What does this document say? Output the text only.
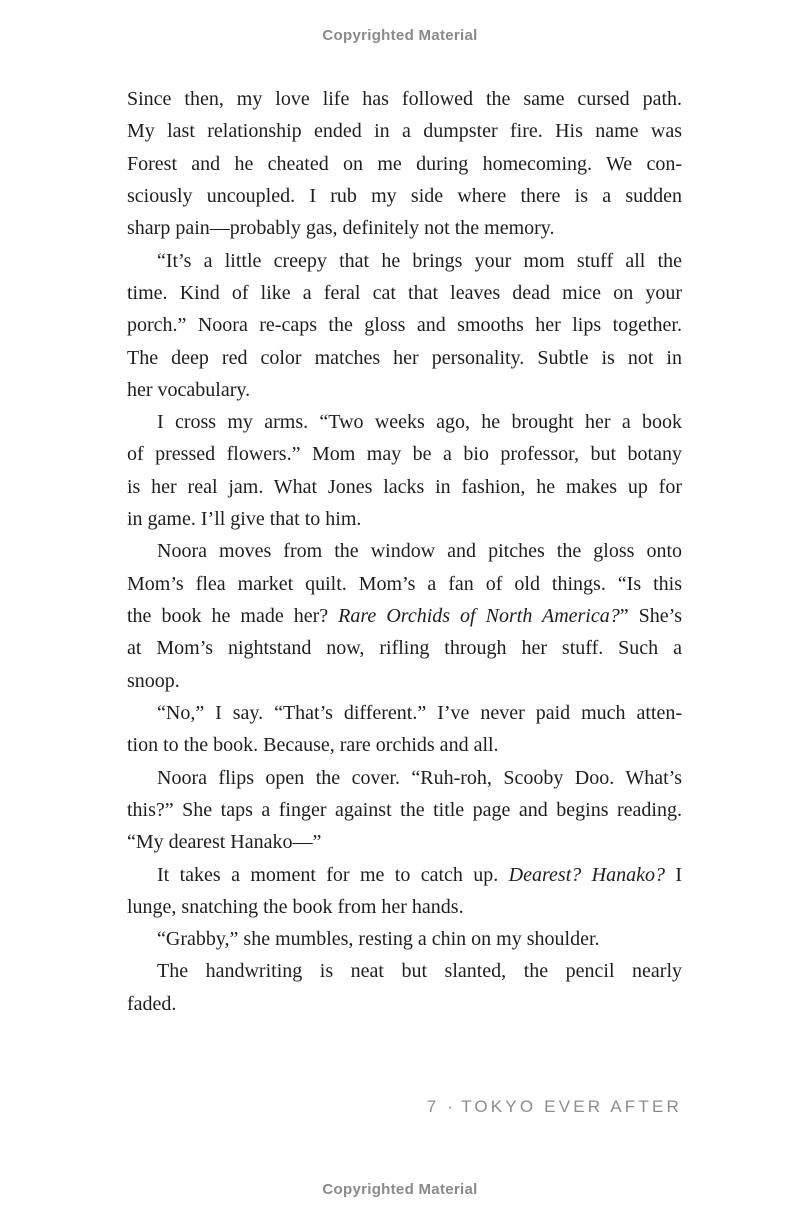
Copyrighted Material
Since then, my love life has followed the same cursed path.
My last relationship ended in a dumpster fire. His name was
Forest and he cheated on me during homecoming. We con-
sciously uncoupled. I rub my side where there is a sudden
sharp pain—probably gas, definitely not the memory.
“It’s a little creepy that he brings your mom stuff all the
time. Kind of like a feral cat that leaves dead mice on your
porch.” Noora re-caps the gloss and smooths her lips together.
The deep red color matches her personality. Subtle is not in
her vocabulary.
I cross my arms. “Two weeks ago, he brought her a book
of pressed flowers.” Mom may be a bio professor, but botany
is her real jam. What Jones lacks in fashion, he makes up for
in game. I’ll give that to him.
Noora moves from the window and pitches the gloss onto
Mom’s flea market quilt. Mom’s a fan of old things. “Is this
the book he made her? Rare Orchids of North America?” She’s
at Mom’s nightstand now, rifling through her stuff. Such a
snoop.
“No,” I say. “That’s different.” I’ve never paid much atten-
tion to the book. Because, rare orchids and all.
Noora flips open the cover. “Ruh-roh, Scooby Doo. What’s
this?” She taps a finger against the title page and begins reading.
“My dearest Hanako—”
It takes a moment for me to catch up. Dearest? Hanako? I
lunge, snatching the book from her hands.
“Grabby,” she mumbles, resting a chin on my shoulder.
The handwriting is neat but slanted, the pencil nearly
faded.
7 · TOKYO EVER AFTER
Copyrighted Material
